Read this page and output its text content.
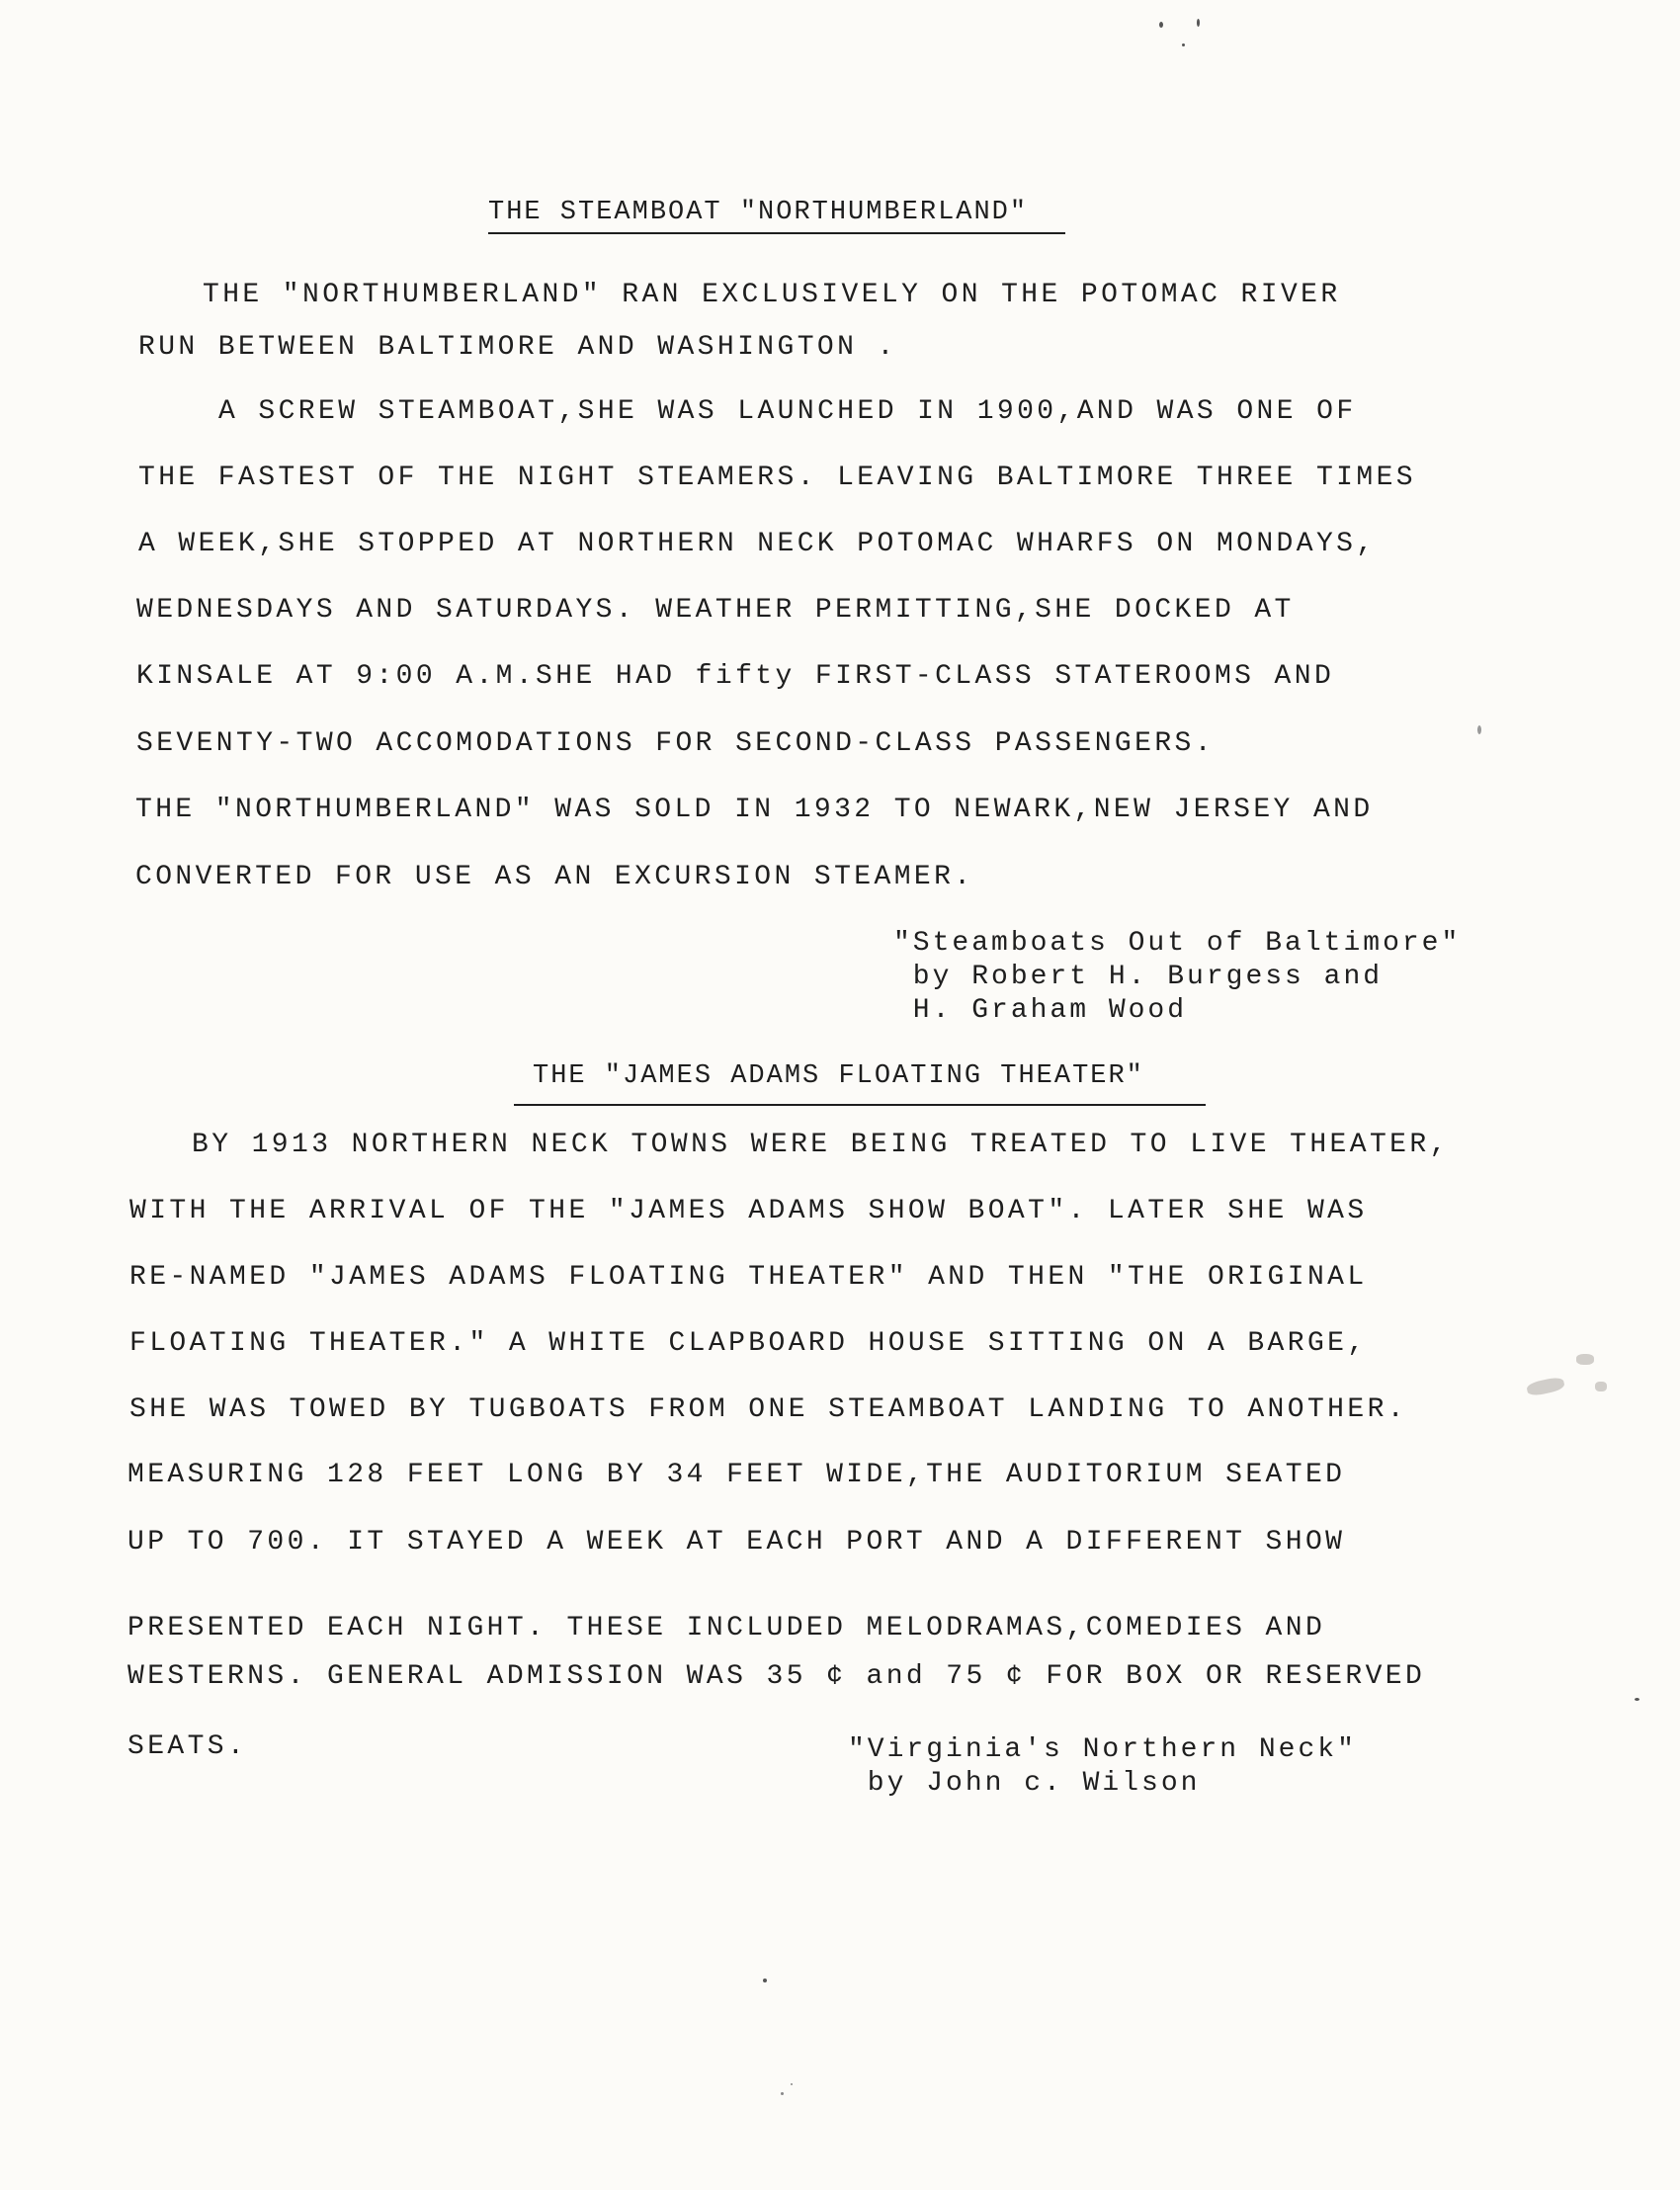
THE STEAMBOAT "NORTHUMBERLAND"
THE "NORTHUMBERLAND" RAN EXCLUSIVELY ON THE POTOMAC RIVER
RUN BETWEEN BALTIMORE AND WASHINGTON .
A SCREW STEAMBOAT,SHE WAS LAUNCHED IN 1900,AND WAS ONE OF
THE FASTEST OF THE NIGHT STEAMERS. LEAVING BALTIMORE THREE TIMES
A WEEK,SHE STOPPED AT NORTHERN NECK POTOMAC WHARFS ON MONDAYS,
WEDNESDAYS AND SATURDAYS. WEATHER PERMITTING,SHE DOCKED AT
KINSALE AT 9:00 A.M.SHE HAD fifty FIRST-CLASS STATEROOMS AND
SEVENTY-TWO ACCOMODATIONS FOR SECOND-CLASS PASSENGERS.
THE "NORTHUMBERLAND" WAS SOLD IN 1932 TO NEWARK,NEW JERSEY AND
CONVERTED FOR USE AS AN EXCURSION STEAMER.
"Steamboats Out of Baltimore"
by Robert H. Burgess and
H. Graham Wood
THE "JAMES ADAMS FLOATING THEATER"
BY 1913 NORTHERN NECK TOWNS WERE BEING TREATED TO LIVE THEATER,
WITH THE ARRIVAL OF THE "JAMES ADAMS SHOW BOAT". LATER SHE WAS
RE-NAMED "JAMES ADAMS FLOATING THEATER" AND THEN "THE ORIGINAL
FLOATING THEATER." A WHITE CLAPBOARD HOUSE SITTING ON A BARGE,
SHE WAS TOWED BY TUGBOATS FROM ONE STEAMBOAT LANDING TO ANOTHER.
MEASURING 128 FEET LONG BY 34 FEET WIDE,THE AUDITORIUM SEATED
UP TO 700. IT STAYED A WEEK AT EACH PORT AND A DIFFERENT SHOW
PRESENTED EACH NIGHT. THESE INCLUDED MELODRAMAS,COMEDIES AND
WESTERNS. GENERAL ADMISSION WAS 35 ¢ and 75 ¢ FOR BOX OR RESERVED
SEATS.	"Virginia's Northern Neck"
by John c. Wilson
